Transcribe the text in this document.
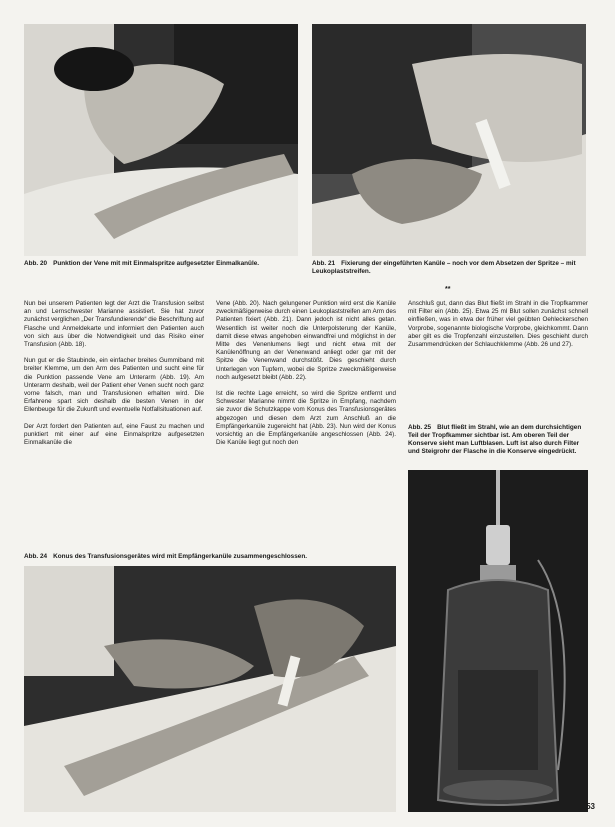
Abb. 20 Punktion der Vene mit mit Einmalspritze aufgesetzter Einmalkanüle.	Abb. 21 Fixierung der eingeführten Kanüle – noch vor dem Absetzen der Spritze – mit Leukoplaststreifen.
**

Nun bei unserem Patienten legt der Arzt die Transfusion selbst an und Lernschwester Marianne assistiert. Sie hat zuvor zunächst verglichen „Der Transfundierende“ die Beschriftung auf Flasche und Anmeldekarte und informiert den Patienten auch von sich aus über die Notwendigkeit und das Risiko einer Transfusion (Abb. 18).

Nun gut er die Staubinde, ein einfacher breites Gummiband mit breiter Klemme, um den Arm des Patienten und sucht eine für die Punktion passende Vene am Unterarm (Abb. 19). Am Unterarm deshalb, weil der Patient eher Venen sucht noch ganz vorne falsch, man und Transfusionen erhalten wird. Die Erfahrene spart sich deshalb die besten Venen in der Ellenbeuge für die Zukunft und eventuelle Notfallsituationen auf.

Der Arzt fordert den Patienten auf, eine Faust zu machen und punktiert mit einer auf eine Einmalspritze aufgesetzten Einmalkanüle die

Vene (Abb. 20). Nach gelungener Punktion wird erst die Kanüle zweckmäßigerweise durch einen Leukoplaststreifen am Arm des Patienten fixiert (Abb. 21). Dann jedoch ist nicht alles getan. Wesentlich ist weiter noch die Unterpolsterung der Kanüle, damit diese etwas angehoben einwandfrei und möglichst in der Mitte des Venenlumens liegt und nicht etwa mit der Kanülenöffnung an der Venenwand anliegt oder gar mit der Spitze die Venenwand durchstößt. Dies geschieht durch Unterlegen von Tupfern, wobei die Spritze zweckmäßigerweise noch aufgesetzt bleibt (Abb. 22).

Ist die rechte Lage erreicht, so wird die Spritze entfernt und Schwester Marianne nimmt die Spritze in Empfang, nachdem sie zuvor die Schutzkappe vom Konus des Transfusionsgerätes abgezogen und diesen dem Arzt zum Anschluß an die Empfängerkanüle zugereicht hat (Abb. 23). Nun wird der Konus vorsichtig an die Empfängerkanüle angeschlossen (Abb. 24). Die Kanüle liegt gut noch den

Anschluß gut, dann das Blut fließt im Strahl in die Tropfkammer mit Filter ein (Abb. 25). Etwa 25 ml Blut sollen zunächst schnell einfließen, was in etwa der früher viel geübten Oehleckerschen Vorprobe, sogenannte biologische Vorprobe, gleichkommt. Dann aber gilt es die Tropfenzahl einzustellen. Dies geschieht durch Zusammendrücken der Schlauchklemme (Abb. 26 und 27).

Abb. 25 Blut fließt im Strahl, wie an dem durchsichtigen Teil der Tropfkammer sichtbar ist. Am oberen Teil der Konserve sieht man Luftblasen. Luft ist also durch Filter und Steigrohr der Flasche in die Konserve eingedrückt.
Abb. 24 Konus des Transfusionsgerätes wird mit Empfängerkanüle zusammengeschlossen.
53
